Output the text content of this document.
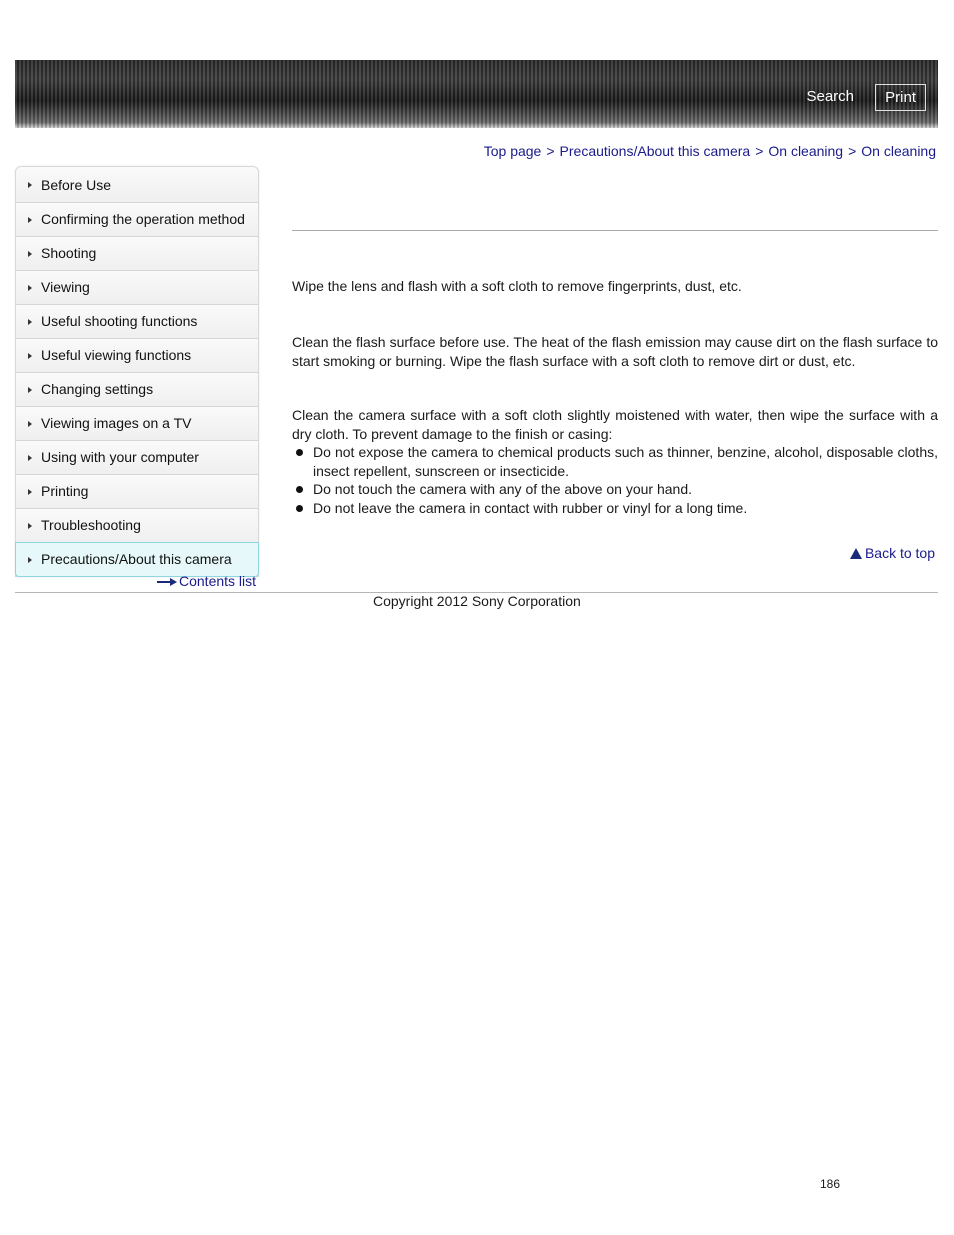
Search	Print
Top page > Precautions/About this camera > On cleaning > On cleaning
Before Use
Confirming the operation method
Shooting
Viewing
Useful shooting functions
Useful viewing functions
Changing settings
Viewing images on a TV
Using with your computer
Printing
Troubleshooting
Precautions/About this camera
Contents list
Wipe the lens and flash with a soft cloth to remove fingerprints, dust, etc.
Clean the flash surface before use. The heat of the flash emission may cause dirt on the flash surface to start smoking or burning. Wipe the flash surface with a soft cloth to remove dirt or dust, etc.
Clean the camera surface with a soft cloth slightly moistened with water, then wipe the surface with a dry cloth. To prevent damage to the finish or casing:
Do not expose the camera to chemical products such as thinner, benzine, alcohol, disposable cloths, insect repellent, sunscreen or insecticide.
Do not touch the camera with any of the above on your hand.
Do not leave the camera in contact with rubber or vinyl for a long time.
Back to top
Copyright 2012 Sony Corporation
186
